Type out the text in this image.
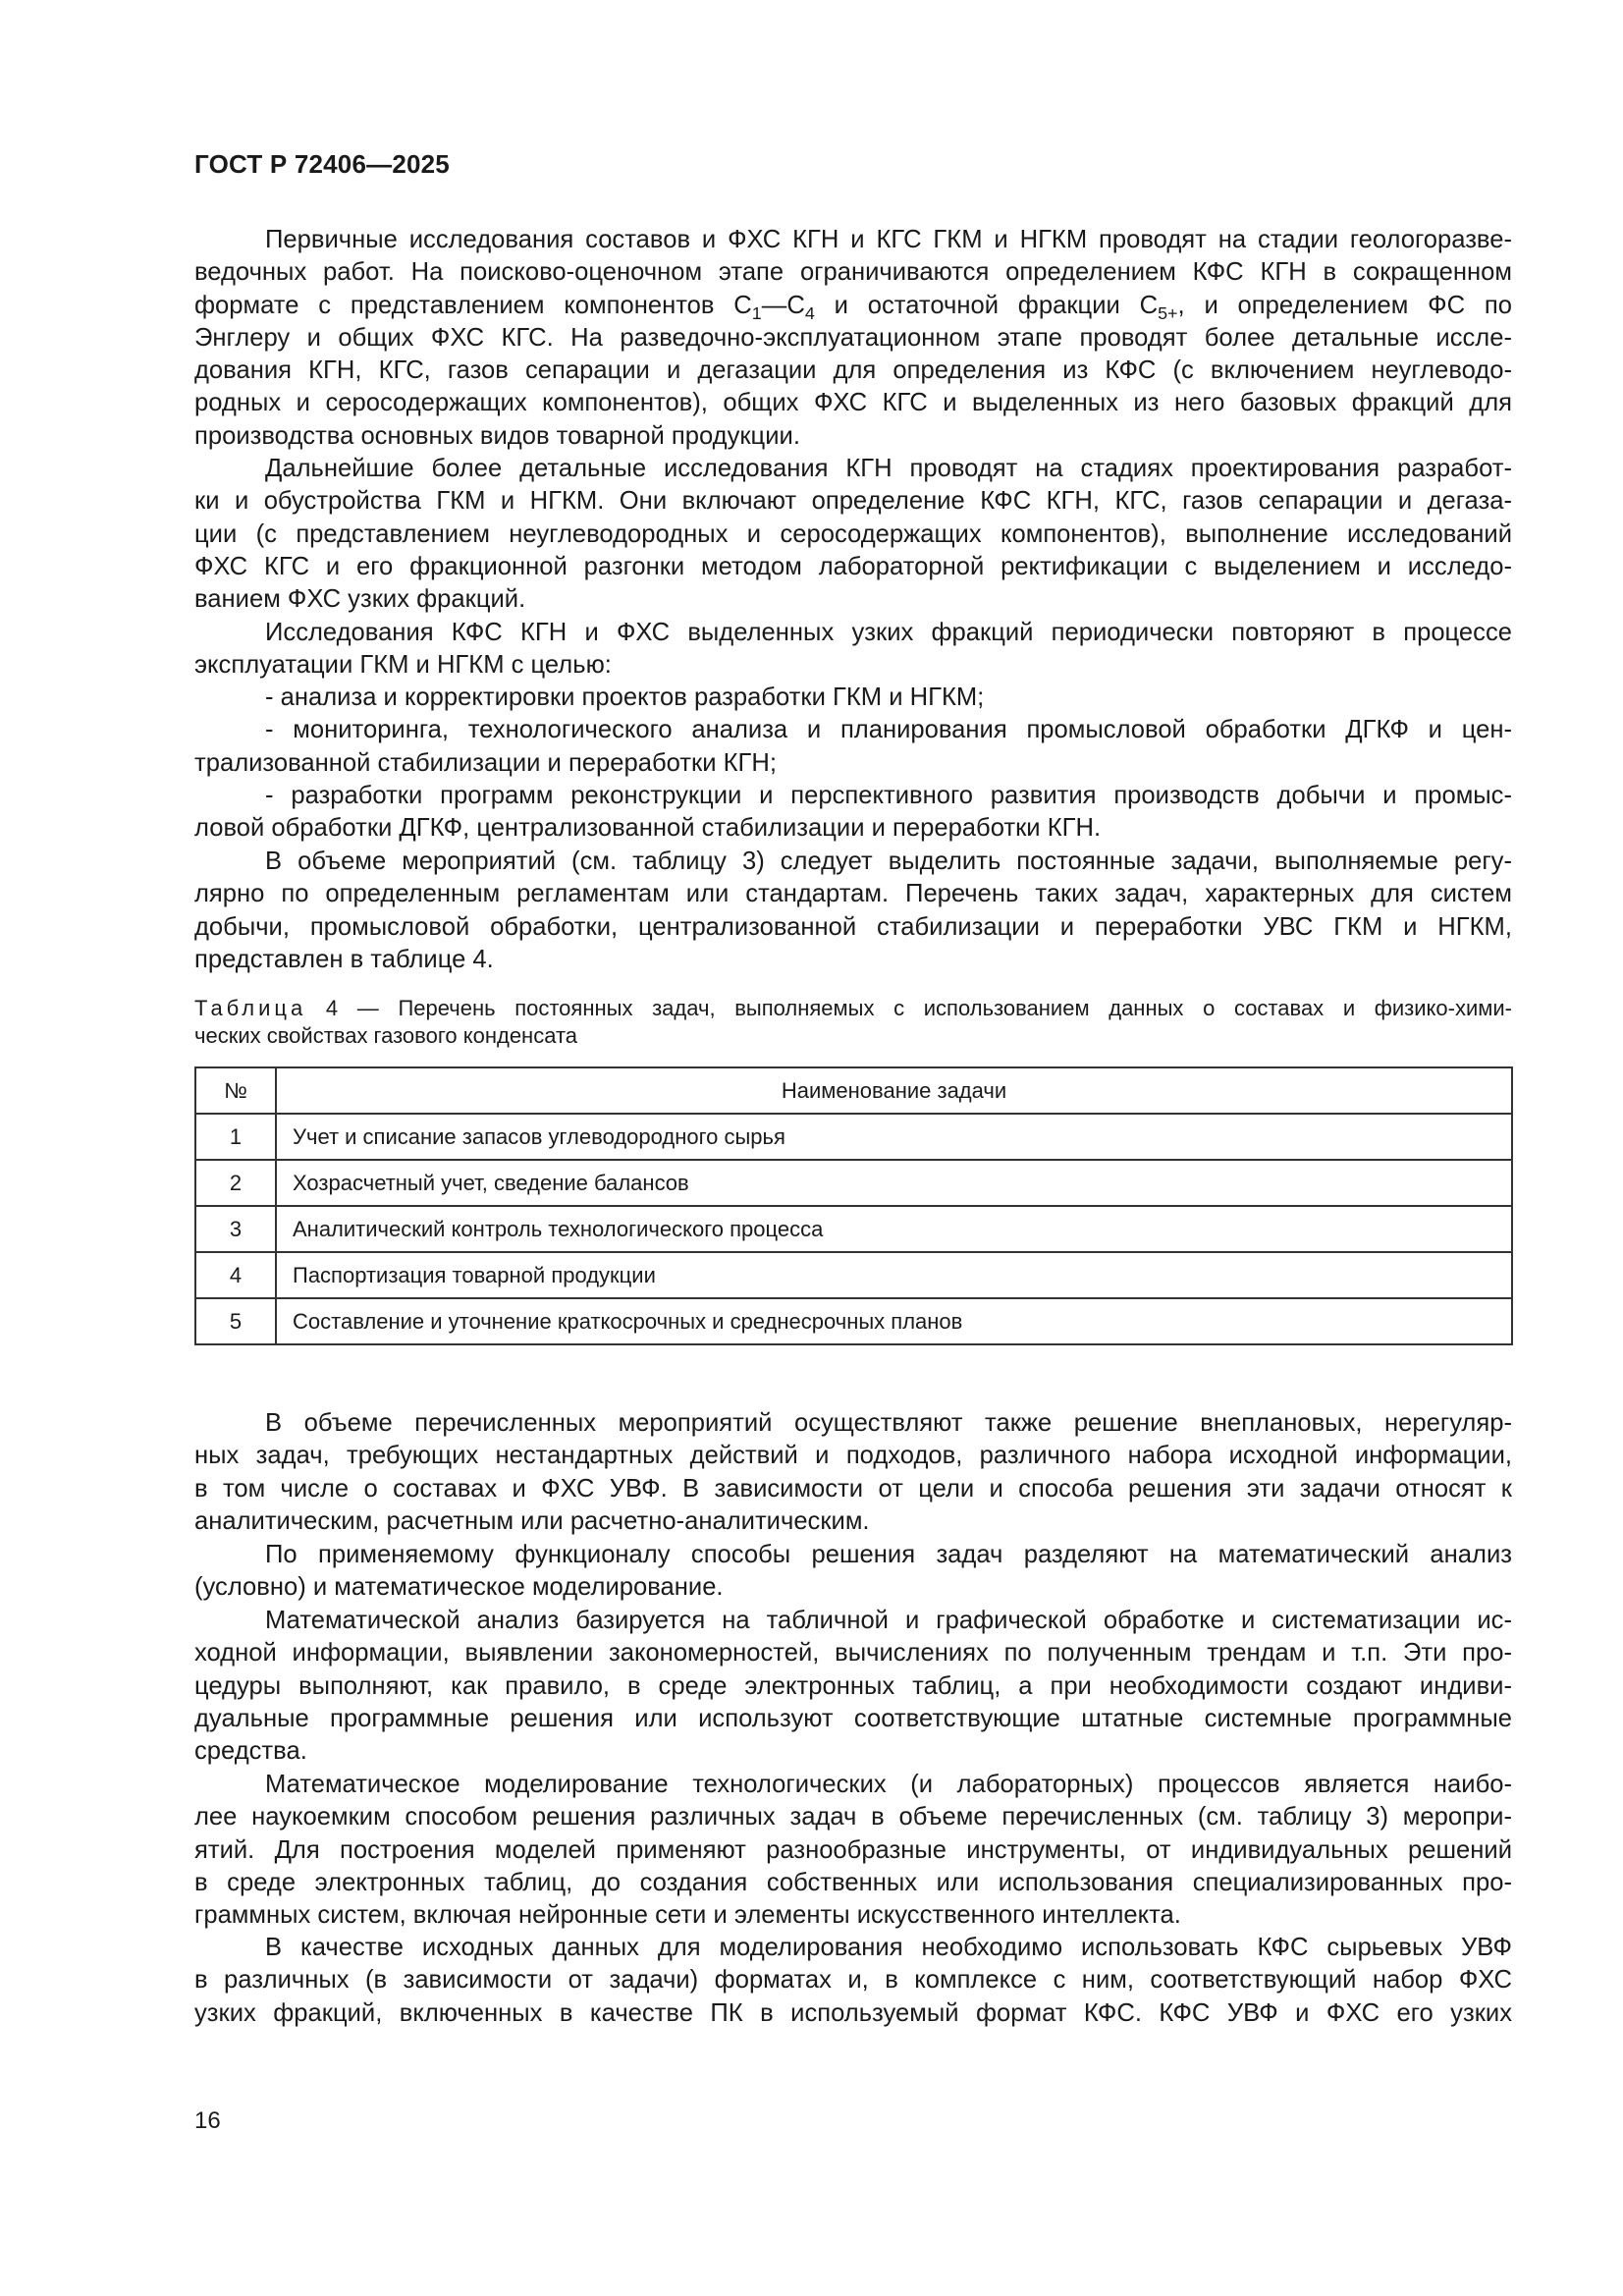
ГОСТ Р 72406—2025
Первичные исследования составов и ФХС КГН и КГС ГКМ и НГКМ проводят на стадии геологоразве-
ведочных работ. На поисково-оценочном этапе ограничиваются определением КФС КГН в сокращенном
формате с представлением компонентов $C_1—C_4$ и остаточной фракции $C_{5+}$, и определением ФС по
Энглеру и общих ФХС КГС. На разведочно-эксплуатационном этапе проводят более детальные иссле-
дования КГН, КГС, газов сепарации и дегазации для определения из КФС (с включением неуглеводо-
родных и серосодержащих компонентов), общих ФХС КГС и выделенных из него базовых фракций для
производства основных видов товарной продукции.
Дальнейшие более детальные исследования КГН проводят на стадиях проектирования разработ-
ки и обустройства ГКМ и НГКМ. Они включают определение КФС КГН, КГС, газов сепарации и дегаза-
ции (с представлением неуглеводородных и серосодержащих компонентов), выполнение исследований
ФХС КГС и его фракционной разгонки методом лабораторной ректификации с выделением и исследо-
ванием ФХС узких фракций.
Исследования КФС КГН и ФХС выделенных узких фракций периодически повторяют в процессе
эксплуатации ГКМ и НГКМ с целью:
- анализа и корректировки проектов разработки ГКМ и НГКМ;
- мониторинга, технологического анализа и планирования промысловой обработки ДГКФ и цен-
трализованной стабилизации и переработки КГН;
- разработки программ реконструкции и перспективного развития производств добычи и промыс-
ловой обработки ДГКФ, централизованной стабилизации и переработки КГН.
В объеме мероприятий (см. таблицу 3) следует выделить постоянные задачи, выполняемые регу-
лярно по определенным регламентам или стандартам. Перечень таких задач, характерных для систем
добычи, промысловой обработки, централизованной стабилизации и переработки УВС ГКМ и НГКМ,
представлен в таблице 4.
Таблица 4 — Перечень постоянных задач, выполняемых с использованием данных о составах и физико-хими-
ческих свойствах газового конденсата
№	Наименование задачи
1	Учет и списание запасов углеводородного сырья
2	Хозрасчетный учет, сведение балансов
3	Аналитический контроль технологического процесса
4	Паспортизация товарной продукции
5	Составление и уточнение краткосрочных и среднесрочных планов
В объеме перечисленных мероприятий осуществляют также решение внеплановых, нерегуляр-
ных задач, требующих нестандартных действий и подходов, различного набора исходной информации,
в том числе о составах и ФХС УВФ. В зависимости от цели и способа решения эти задачи относят к
аналитическим, расчетным или расчетно-аналитическим.
По применяемому функционалу способы решения задач разделяют на математический анализ
(условно) и математическое моделирование.
Математической анализ базируется на табличной и графической обработке и систематизации ис-
ходной информации, выявлении закономерностей, вычислениях по полученным трендам и т.п. Эти про-
цедуры выполняют, как правило, в среде электронных таблиц, а при необходимости создают индиви-
дуальные программные решения или используют соответствующие штатные системные программные
средства.
Математическое моделирование технологических (и лабораторных) процессов является наибо-
лее наукоемким способом решения различных задач в объеме перечисленных (см. таблицу 3) меропри-
ятий. Для построения моделей применяют разнообразные инструменты, от индивидуальных решений
в среде электронных таблиц, до создания собственных или использования специализированных про-
граммных систем, включая нейронные сети и элементы искусственного интеллекта.
В качестве исходных данных для моделирования необходимо использовать КФС сырьевых УВФ
в различных (в зависимости от задачи) форматах и, в комплексе с ним, соответствующий набор ФХС
узких фракций, включенных в качестве ПК в используемый формат КФС. КФС УВФ и ФХС его узких
16
